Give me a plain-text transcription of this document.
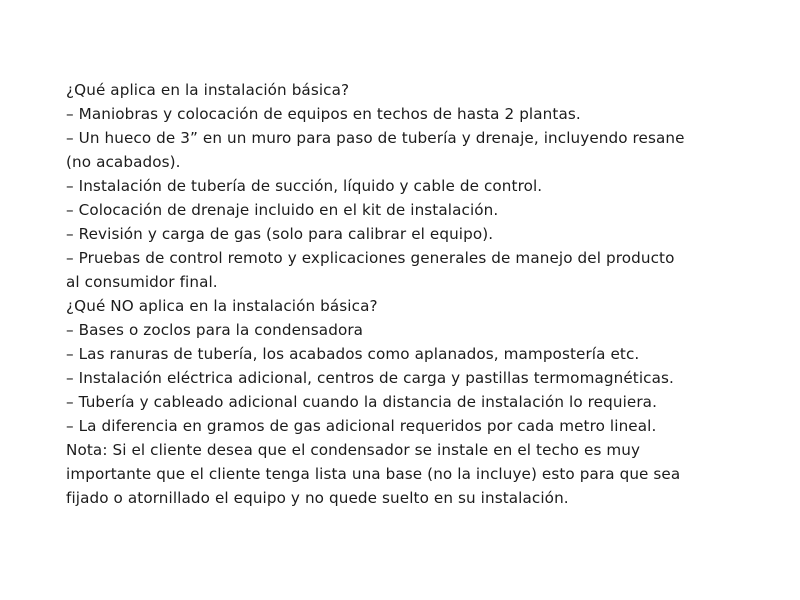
¿Qué aplica en la instalación básica?
– Maniobras y colocación de equipos en techos de hasta 2 plantas.
– Un hueco de 3” en un muro para paso de tubería y drenaje, incluyendo resane
(no acabados).
– Instalación de tubería de succión, líquido y cable de control.
– Colocación de drenaje incluido en el kit de instalación.
– Revisión y carga de gas (solo para calibrar el equipo).
– Pruebas de control remoto y explicaciones generales de manejo del producto
al consumidor final.
¿Qué NO aplica en la instalación básica?
– Bases o zoclos para la condensadora
– Las ranuras de tubería, los acabados como aplanados, mampostería etc.
– Instalación eléctrica adicional, centros de carga y pastillas termomagnéticas.
– Tubería y cableado adicional cuando la distancia de instalación lo requiera.
– La diferencia en gramos de gas adicional requeridos por cada metro lineal.
Nota: Si el cliente desea que el condensador se instale en el techo es muy
importante que el cliente tenga lista una base (no la incluye) esto para que sea
fijado o atornillado el equipo y no quede suelto en su instalación.
